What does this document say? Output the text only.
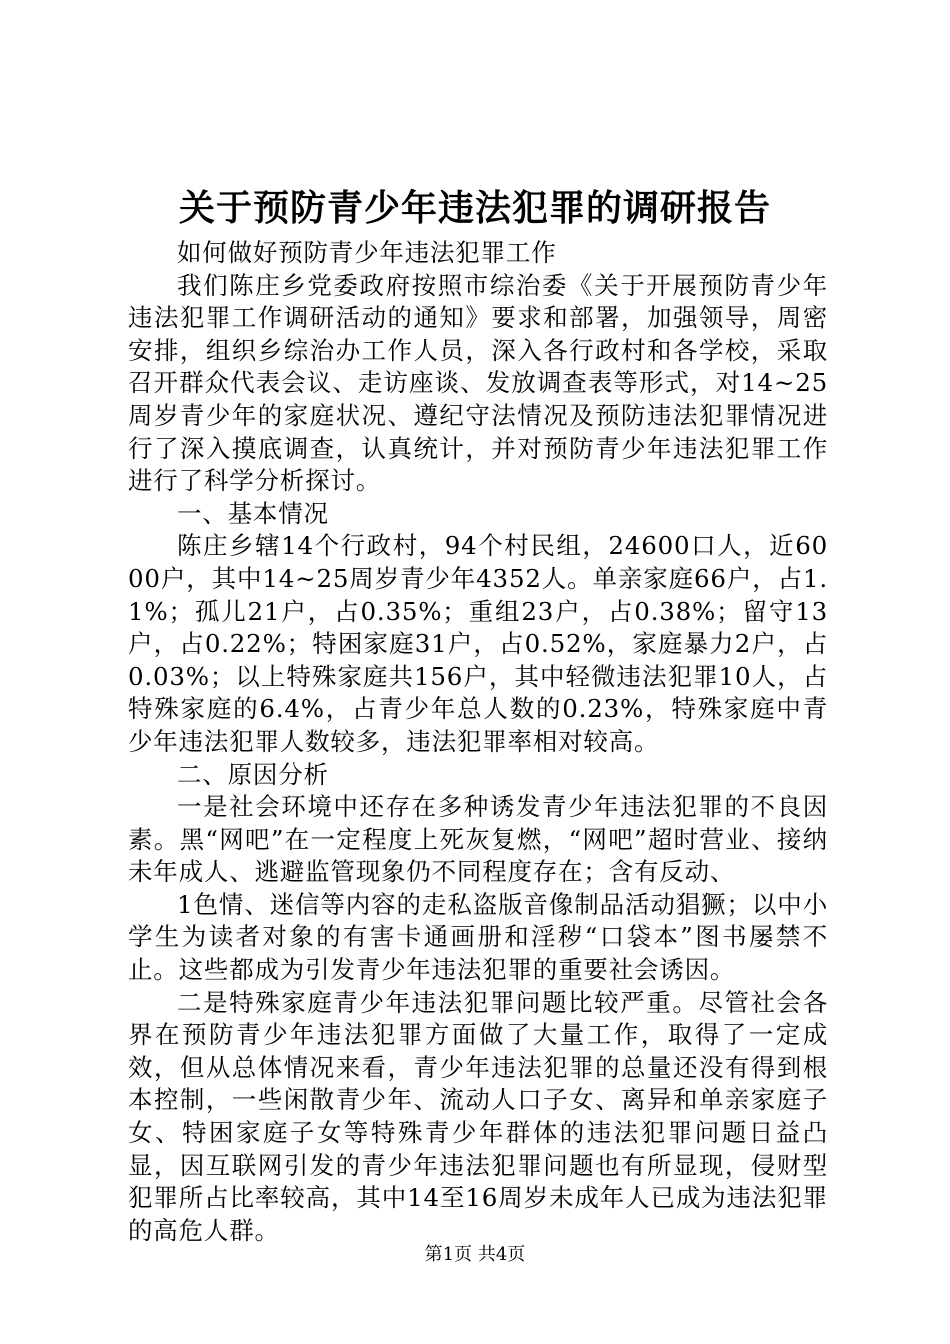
关于预防青少年违法犯罪的调研报告

如何做好预防青少年违法犯罪工作

我们陈庄乡党委政府按照市综治委《关于开展预防青少年违法犯罪工作调研活动的通知》要求和部署，加强领导，周密安排，组织乡综治办工作人员，深入各行政村和各学校，采取召开群众代表会议、走访座谈、发放调查表等形式，对14~25周岁青少年的家庭状况、遵纪守法情况及预防违法犯罪情况进行了深入摸底调查，认真统计，并对预防青少年违法犯罪工作进行了科学分析探讨。

一、基本情况

陈庄乡辖14个行政村，94个村民组，24600口人，近6000户，其中14~25周岁青少年4352人。单亲家庭66户，占1.1%；孤儿21户，占0.35%；重组23户，占0.38%；留守13户，占0.22%；特困家庭31户，占0.52%，家庭暴力2户，占0.03%；以上特殊家庭共156户，其中轻微违法犯罪10人，占特殊家庭的6.4%，占青少年总人数的0.23%，特殊家庭中青少年违法犯罪人数较多，违法犯罪率相对较高。

二、原因分析

一是社会环境中还存在多种诱发青少年违法犯罪的不良因素。黑“网吧”在一定程度上死灰复燃，“网吧”超时营业、接纳未年成人、逃避监管现象仍不同程度存在；含有反动、

1色情、迷信等内容的走私盗版音像制品活动猖獗；以中小学生为读者对象的有害卡通画册和淫秽“口袋本”图书屡禁不止。这些都成为引发青少年违法犯罪的重要社会诱因。

二是特殊家庭青少年违法犯罪问题比较严重。尽管社会各界在预防青少年违法犯罪方面做了大量工作，取得了一定成效，但从总体情况来看，青少年违法犯罪的总量还没有得到根本控制，一些闲散青少年、流动人口子女、离异和单亲家庭子女、特困家庭子女等特殊青少年群体的违法犯罪问题日益凸显，因互联网引发的青少年违法犯罪问题也有所显现，侵财型犯罪所占比率较高，其中14至16周岁未成年人已成为违法犯罪的高危人群。

第1页 共4页
